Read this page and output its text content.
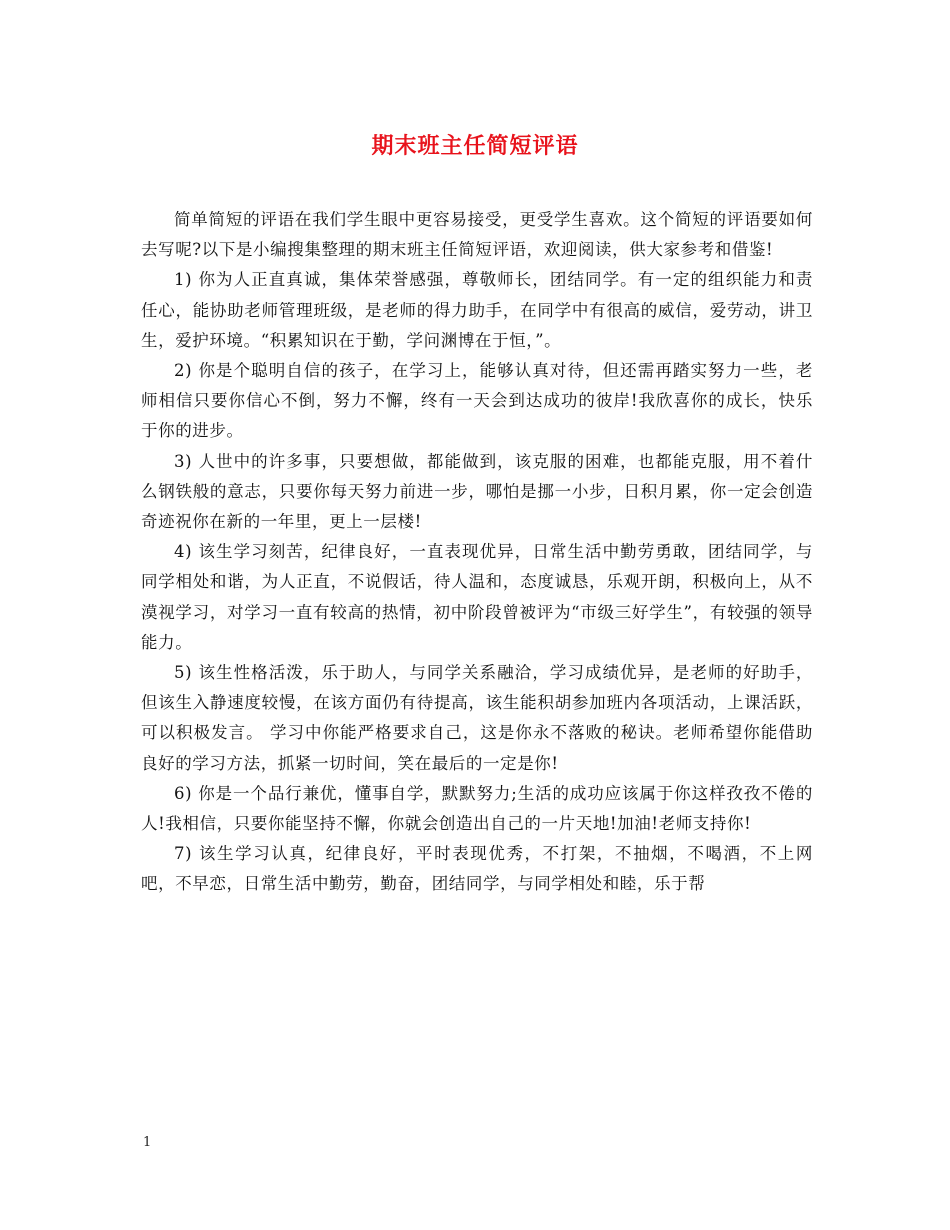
期末班主任简短评语

简单简短的评语在我们学生眼中更容易接受，更受学生喜欢。这个简短的评语要如何去写呢?以下是小编搜集整理的期末班主任简短评语，欢迎阅读，供大家参考和借鉴!

1) 你为人正直真诚，集体荣誉感强，尊敬师长，团结同学。有一定的组织能力和责任心，能协助老师管理班级，是老师的得力助手，在同学中有很高的威信，爱劳动，讲卫生，爱护环境。“积累知识在于勤，学问渊博在于恒，”。

2) 你是个聪明自信的孩子，在学习上，能够认真对待，但还需再踏实努力一些，老师相信只要你信心不倒，努力不懈，终有一天会到达成功的彼岸!我欣喜你的成长，快乐于你的进步。

3) 人世中的许多事，只要想做，都能做到，该克服的困难，也都能克服，用不着什么钢铁般的意志，只要你每天努力前进一步，哪怕是挪一小步，日积月累，你一定会创造奇迹祝你在新的一年里，更上一层楼!

4) 该生学习刻苦，纪律良好，一直表现优异，日常生活中勤劳勇敢，团结同学，与同学相处和谐，为人正直，不说假话，待人温和，态度诚恳，乐观开朗，积极向上，从不漠视学习，对学习一直有较高的热情，初中阶段曾被评为“市级三好学生”，有较强的领导能力。

5) 该生性格活泼，乐于助人，与同学关系融洽，学习成绩优异，是老师的好助手，但该生入静速度较慢，在该方面仍有待提高，该生能积胡参加班内各项活动，上课活跃，可以积极发言。 学习中你能严格要求自己，这是你永不落败的秘诀。老师希望你能借助良好的学习方法，抓紧一切时间，笑在最后的一定是你!

6) 你是一个品行兼优，懂事自学，默默努力;生活的成功应该属于你这样孜孜不倦的人!我相信，只要你能坚持不懈，你就会创造出自己的一片天地!加油!老师支持你!

7) 该生学习认真，纪律良好，平时表现优秀，不打架，不抽烟，不喝酒，不上网吧，不早恋，日常生活中勤劳，勤奋，团结同学，与同学相处和睦，乐于帮

1
